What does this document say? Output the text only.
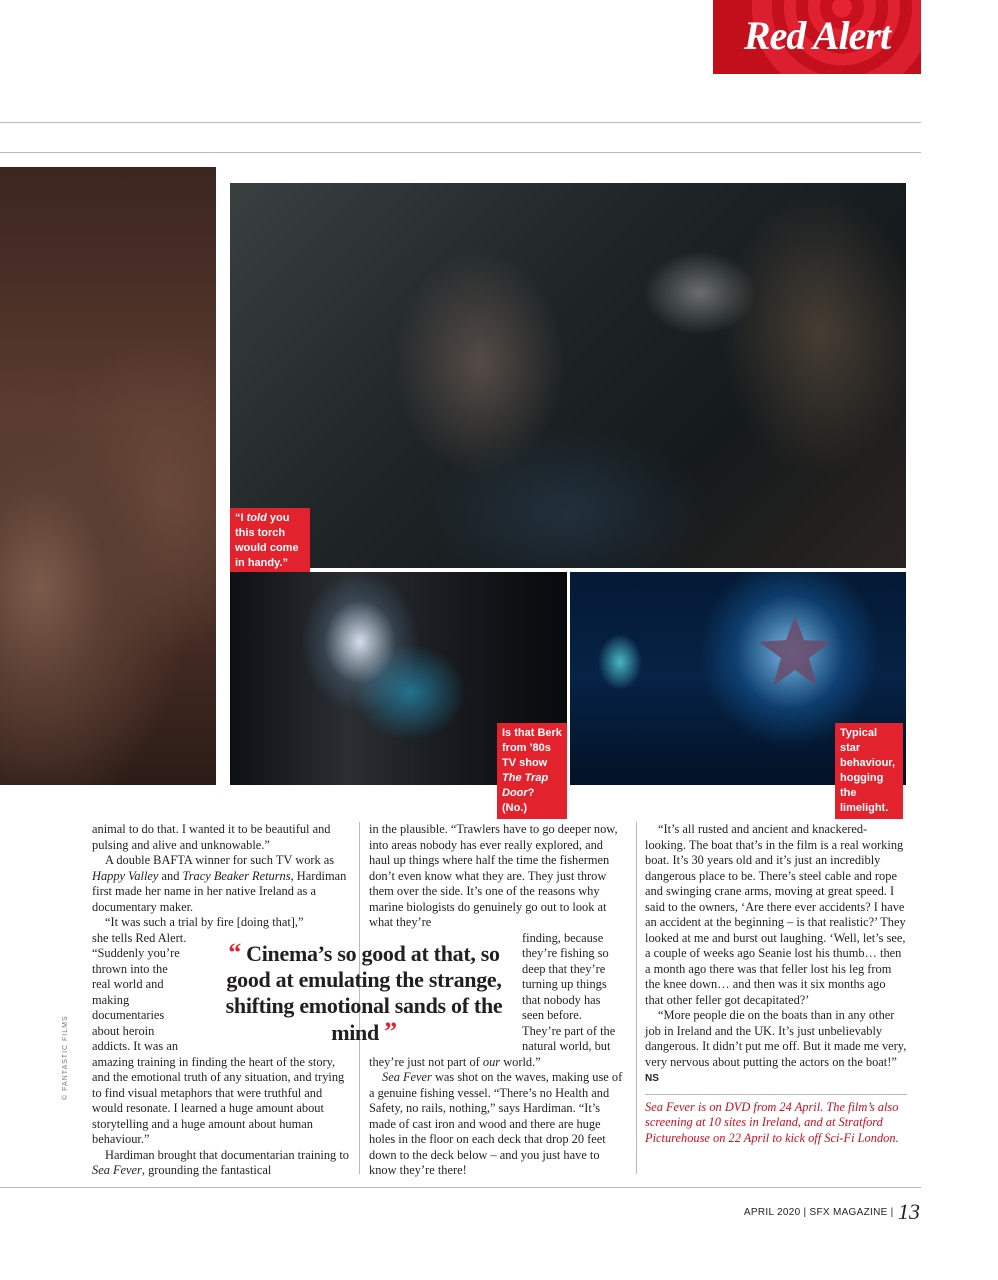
Red Alert
“I told you this torch would come in handy.”
Is that Berk from ’80s TV show The Trap Door? (No.)
Typical star behaviour, hogging the limelight.

animal to do that. I wanted it to be beautiful and pulsing and alive and unknowable.”

A double BAFTA winner for such TV work as Happy Valley and Tracy Beaker Returns, Hardiman first made her name in her native Ireland as a documentary maker.

“It was such a trial by fire [doing that],”

she tells Red Alert.
“Suddenly you’re
thrown into the
real world and
making
documentaries
about heroin
addicts. It was an

amazing training in finding the heart of the story, and the emotional truth of any situation, and trying to find visual metaphors that were truthful and would resonate. I learned a huge amount about storytelling and a huge amount about human behaviour.”

Hardiman brought that documentarian training to Sea Fever, grounding the fantastical

in the plausible. “Trawlers have to go deeper now, into areas nobody has ever really explored, and haul up things where half the time the fishermen don’t even know what they are. They just throw them over the side. It’s one of the reasons why marine biologists do genuinely go out to look at what they’re

finding, because
they’re fishing so
deep that they’re
turning up things
that nobody has
seen before.
They’re part of the
natural world, but

they’re just not part of our world.”

Sea Fever was shot on the waves, making use of a genuine fishing vessel. “There’s no Health and Safety, no rails, nothing,” says Hardiman. “It’s made of cast iron and wood and there are huge holes in the floor on each deck that drop 20 feet down to the deck below – and you just have to know they’re there!

“ Cinema’s so good at that, so good at emulating the strange, shifting emotional sands of the mind ”

“It’s all rusted and ancient and knackered-looking. The boat that’s in the film is a real working boat. It’s 30 years old and it’s just an incredibly dangerous place to be. There’s steel cable and rope and swinging crane arms, moving at great speed. I said to the owners, ‘Are there ever accidents? I have an accident at the beginning – is that realistic?’ They looked at me and burst out laughing. ‘Well, let’s see, a couple of weeks ago Seanie lost his thumb… then a month ago there was that feller lost his leg from the knee down… and then was it six months ago that other feller got decapitated?’

“More people die on the boats than in any other job in Ireland and the UK. It’s just unbelievably dangerous. It didn’t put me off. But it made me very, very nervous about putting the actors on the boat!” NS

Sea Fever is on DVD from 24 April. The film’s also screening at 10 sites in Ireland, and at Stratford Picturehouse on 22 April to kick off Sci-Fi London.

© FANTASTIC FILMS
$^{APRIL 2020 | SFX MAGAZINE |}$ 13
